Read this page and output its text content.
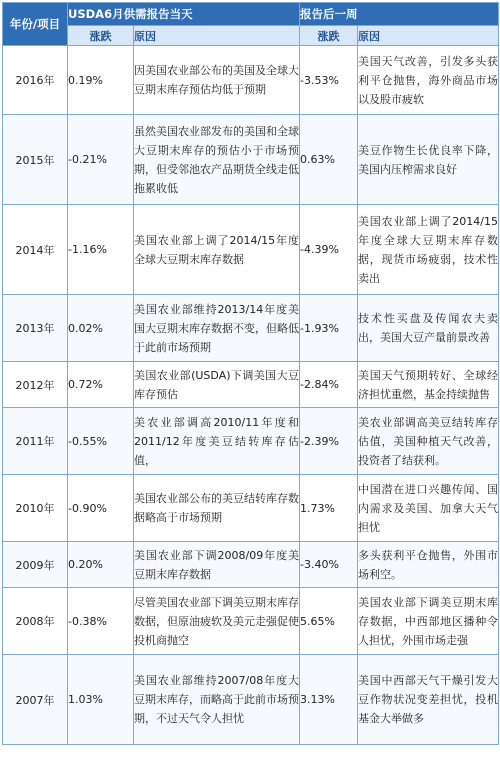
年份/项目	USDA6月供需报告当天		报告后一周	
	涨跌	原因	涨跌	原因
2016年	0.19%	因美国农业部公布的美国及全球大豆期末库存预估均低于预期	-3.53%	美国天气改善，引发多头获利平仓抛售，海外商品市场以及股市疲软
2015年	-0.21%	虽然美国农业部发布的美国和全球大豆期末库存的预估小于市场预期，但受邻池农产品期货全线走低拖累收低	0.63%	美豆作物生长优良率下降，美国内压榨需求良好
2014年	-1.16%	美国农业部上调了2014/15年度全球大豆期末库存数据	-4.39%	美国农业部上调了2014/15年度全球大豆期末库存数据，现货市场疲弱，技术性卖出
2013年	0.02%	美国农业部维持2013/14年度美国大豆期末库存数据不变，但略低于此前市场预期	-1.93%	技术性买盘及传闻农夫卖出，美国大豆产量前景改善
2012年	0.72%	美国农业部(USDA)下调美国大豆库存预估	-2.84%	美国天气预期转好、全球经济担忧重燃，基金持续抛售
2011年	-0.55%	美农业部调高2010/11年度和2011/12年度美豆结转库存估值，	-2.39%	美农业部调高美豆结转库存估值，美国种植天气改善，投资者了结获利。
2010年	-0.90%	美国农业部公布的美豆结转库存数据略高于市场预期	1.73%	中国潜在进口兴趣传闻、国内需求及美国、加拿大天气担忧
2009年	0.20%	美国农业部下调2008/09年度美豆期末库存数据	-3.40%	多头获利平仓抛售，外围市场利空。
2008年	-0.38%	尽管美国农业部下调美豆期末库存数据，但原油疲软及美元走强促使投机商抛空	5.65%	美国农业部下调美豆期末库存数据，中西部地区播种令人担忧，外围市场走强
2007年	1.03%	美国农业部维持2007/08年度大豆期末库存，而略高于此前市场预期，不过天气令人担忧	3.13%	美国中西部天气干燥引发大豆作物状况变差担忧，投机基金大举做多
